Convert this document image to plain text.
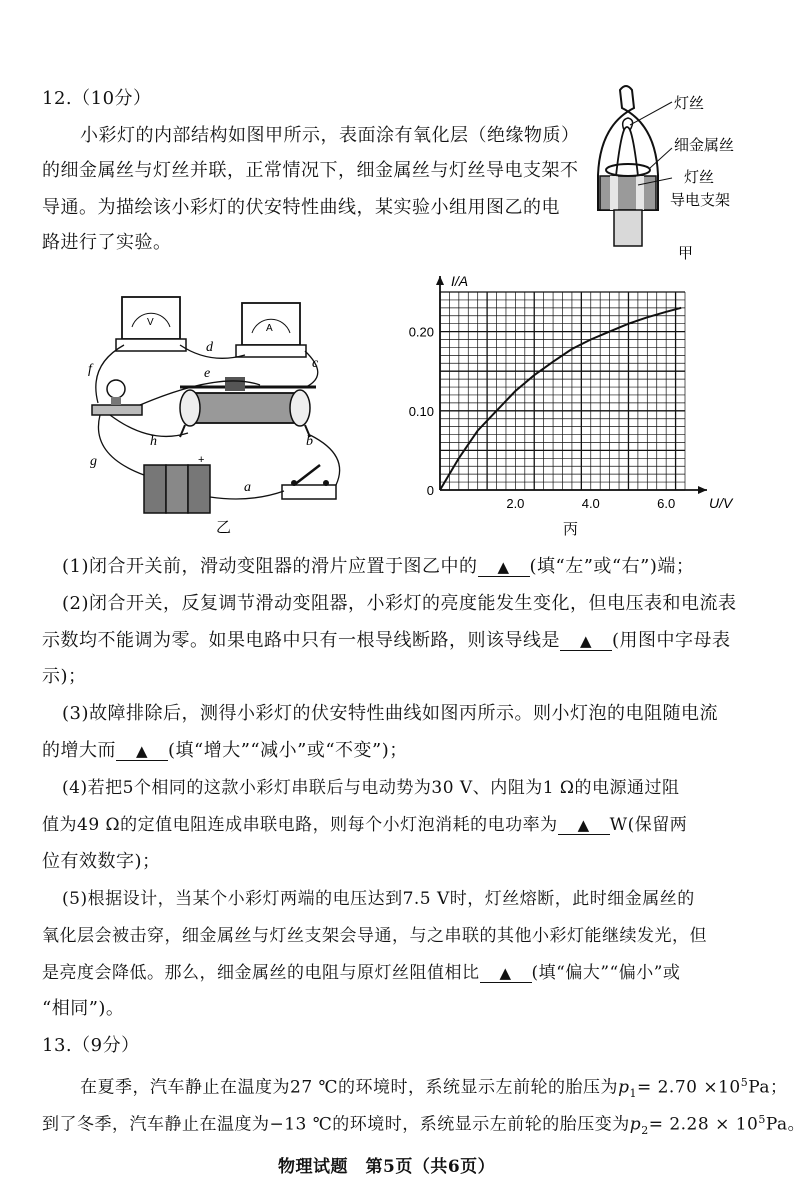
12.（10分）
小彩灯的内部结构如图甲所示，表面涂有氧化层（绝缘物质）
的细金属丝与灯丝并联，正常情况下，细金属丝与灯丝导电支架不
导通。为描绘该小彩灯的伏安特性曲线，某实验小组用图乙的电
路进行了实验。
灯丝
细金属丝
灯丝
导电支架
甲
V
A
+
d
c
f	e
h	b
g
a
乙
0.20
0.10
0
2.0	4.0	6.0
I/A
U/V
丙
(1)闭合开关前，滑动变阻器的滑片应置于图乙中的 ▲ (填“左”或“右”)端；
(2)闭合开关，反复调节滑动变阻器，小彩灯的亮度能发生变化，但电压表和电流表
示数均不能调为零。如果电路中只有一根导线断路，则该导线是 ▲ (用图中字母表
示)；
(3)故障排除后，测得小彩灯的伏安特性曲线如图丙所示。则小灯泡的电阻随电流
的增大而 ▲ (填“增大”“减小”或“不变”)；
(4)若把5个相同的这款小彩灯串联后与电动势为30 V、内阻为1 Ω的电源通过阻
值为49 Ω的定值电阻连成串联电路，则每个小灯泡消耗的电功率为 ▲ W(保留两
位有效数字)；
(5)根据设计，当某个小彩灯两端的电压达到7.5 V时，灯丝熔断，此时细金属丝的
氧化层会被击穿，细金属丝与灯丝支架会导通，与之串联的其他小彩灯能继续发光，但
是亮度会降低。那么，细金属丝的电阻与原灯丝阻值相比 ▲ (填“偏大”“偏小”或
“相同”)。
13.（9分）
在夏季，汽车静止在温度为27 ℃的环境时，系统显示左前轮的胎压为$p_1= 2.70 \times 10^5Pa$；
到了冬季，汽车静止在温度为−13 ℃的环境时，系统显示左前轮的胎压变为$p_2= 2.28 \times 10^5Pa$。
物理试题　第5页（共6页）
